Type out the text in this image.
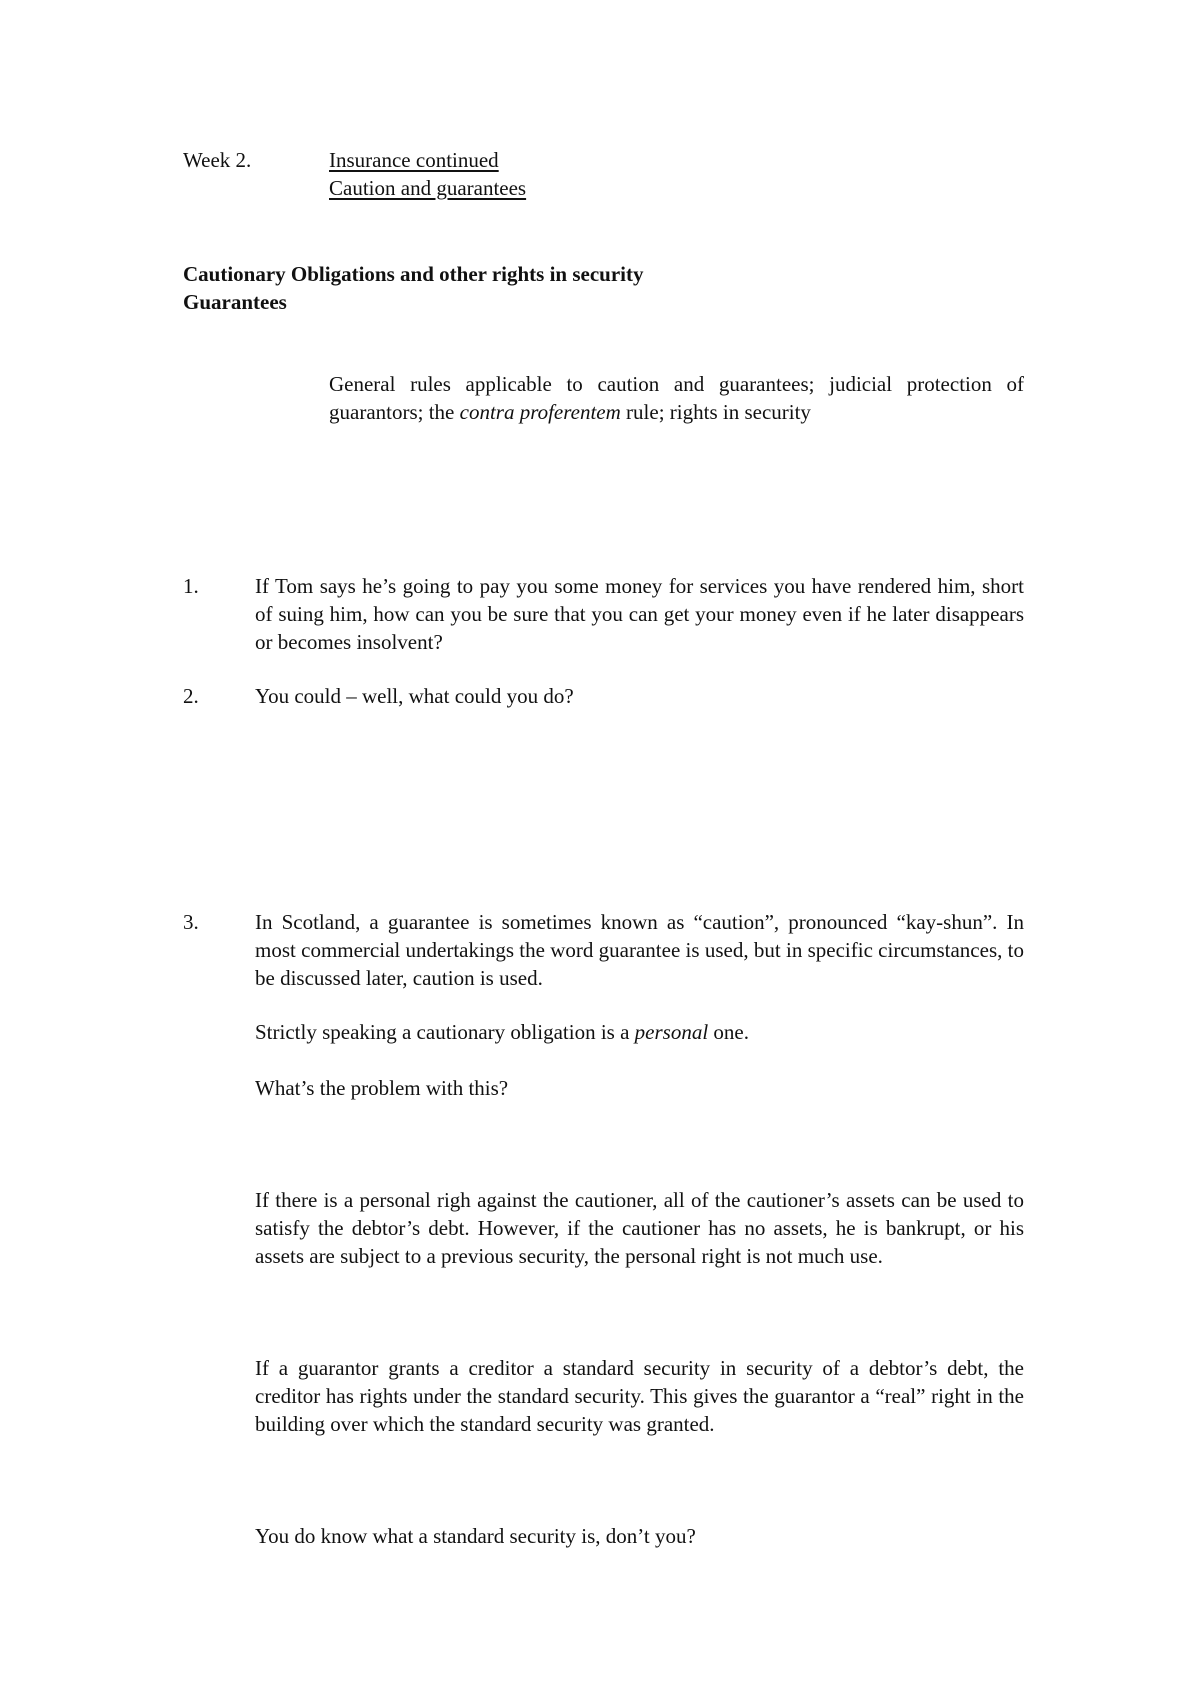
Week 2.	Insurance continued
Caution and guarantees
Cautionary Obligations and other rights in security
Guarantees

General rules applicable to caution and guarantees; judicial protection of guarantors; the contra proferentem rule; rights in security

1.	If Tom says he’s going to pay you some money for services you have rendered him, short of suing him, how can you be sure that you can get your money even if he later disappears or becomes insolvent?

2.	You could – well, what could you do?

3.	In Scotland, a guarantee is sometimes known as “caution”, pronounced “kay-shun”. In most commercial undertakings the word guarantee is used, but in specific circumstances, to be discussed later, caution is used.

Strictly speaking a cautionary obligation is a personal one.

What’s the problem with this?

If there is a personal righ against the cautioner, all of the cautioner’s assets can be used to satisfy the debtor’s debt. However, if the cautioner has no assets, he is bankrupt, or his assets are subject to a previous security, the personal right is not much use.

If a guarantor grants a creditor a standard security in security of a debtor’s debt, the creditor has rights under the standard security. This gives the guarantor a “real” right in the building over which the standard security was granted.

You do know what a standard security is, don’t you?
